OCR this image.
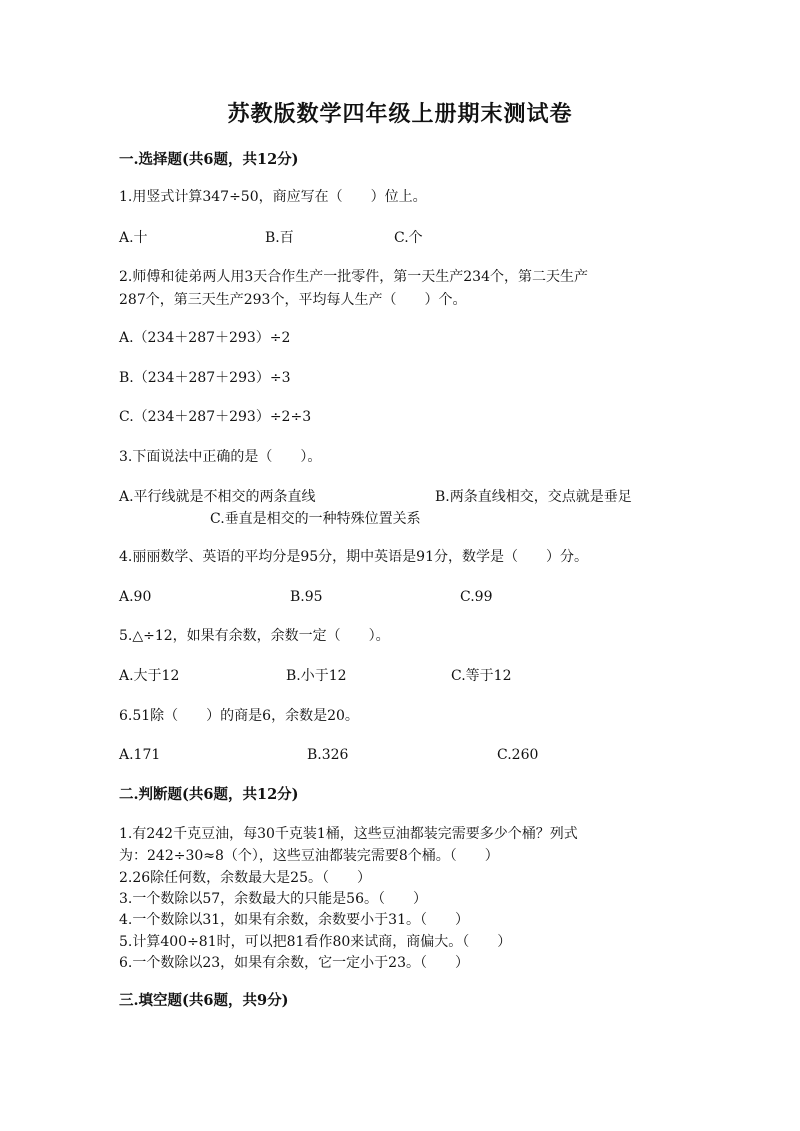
苏教版数学四年级上册期末测试卷
一.选择题(共6题，共12分)
1.用竖式计算347÷50，商应写在（　　）位上。
A.十	B.百	C.个
2.师傅和徒弟两人用3天合作生产一批零件，第一天生产234个，第二天生产
287个，第三天生产293个，平均每人生产（　　）个。
A.（234＋287＋293）÷2
B.（234＋287＋293）÷3
C.（234＋287＋293）÷2÷3
3.下面说法中正确的是（　　）。
A.平行线就是不相交的两条直线	B.两条直线相交，交点就是垂足
C.垂直是相交的一种特殊位置关系
4.丽丽数学、英语的平均分是95分，期中英语是91分，数学是（　　）分。
A.90	B.95	C.99
5.△÷12，如果有余数，余数一定（　　）。
A.大于12	B.小于12	C.等于12
6.51除（　　）的商是6，余数是20。
A.171	B.326	C.260
二.判断题(共6题，共12分)
1.有242千克豆油，每30千克装1桶，这些豆油都装完需要多少个桶？列式
为：242÷30≈8（个），这些豆油都装完需要8个桶。（　　）
2.26除任何数，余数最大是25。（　　）
3.一个数除以57，余数最大的只能是56。（　　）
4.一个数除以31，如果有余数，余数要小于31。（　　）
5.计算400÷81时，可以把81看作80来试商，商偏大。（　　）
6.一个数除以23，如果有余数，它一定小于23。（　　）
三.填空题(共6题，共9分)
